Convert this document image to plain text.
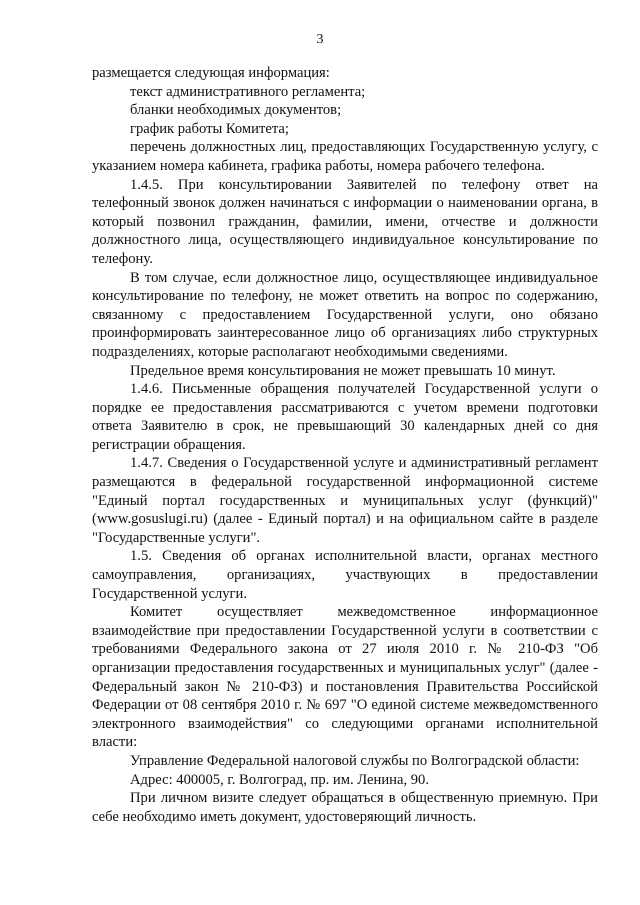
3

размещается следующая информация:

текст административного регламента;

бланки необходимых документов;

график работы Комитета;

перечень должностных лиц, предоставляющих Государственную услугу, с указанием номера кабинета, графика работы, номера рабочего телефона.

1.4.5. При консультировании Заявителей по телефону ответ на телефонный звонок должен начинаться с информации о наименовании органа, в который позвонил гражданин, фамилии, имени, отчестве и должности должностного лица, осуществляющего индивидуальное консультирование по телефону.

В том случае, если должностное лицо, осуществляющее индивидуальное консультирование по телефону, не может ответить на вопрос по содержанию, связанному с предоставлением Государственной услуги, оно обязано проинформировать заинтересованное лицо об организациях либо структурных подразделениях, которые располагают необходимыми сведениями.

Предельное время консультирования не может превышать 10 минут.

1.4.6. Письменные обращения получателей Государственной услуги о порядке ее предоставления рассматриваются с учетом времени подготовки ответа Заявителю в срок, не превышающий 30 календарных дней со дня регистрации обращения.

1.4.7. Сведения о Государственной услуге и административный регламент размещаются в федеральной государственной информационной системе "Единый портал государственных и муниципальных услуг (функций)" (www.gosuslugi.ru) (далее - Единый портал) и на официальном сайте в разделе "Государственные услуги".

1.5. Сведения об органах исполнительной власти, органах местного самоуправления, организациях, участвующих в предоставлении Государственной услуги.

Комитет осуществляет межведомственное информационное взаимодействие при предоставлении Государственной услуги в соответствии с требованиями Федерального закона от 27 июля 2010 г. № 210-ФЗ "Об организации предоставления государственных и муниципальных услуг" (далее - Федеральный закон № 210-ФЗ) и постановления Правительства Российской Федерации от 08 сентября 2010 г. № 697 "О единой системе межведомственного электронного взаимодействия" со следующими органами исполнительной власти:

Управление Федеральной налоговой службы по Волгоградской области:

Адрес: 400005, г. Волгоград, пр. им. Ленина, 90.

При личном визите следует обращаться в общественную приемную. При себе необходимо иметь документ, удостоверяющий личность.
